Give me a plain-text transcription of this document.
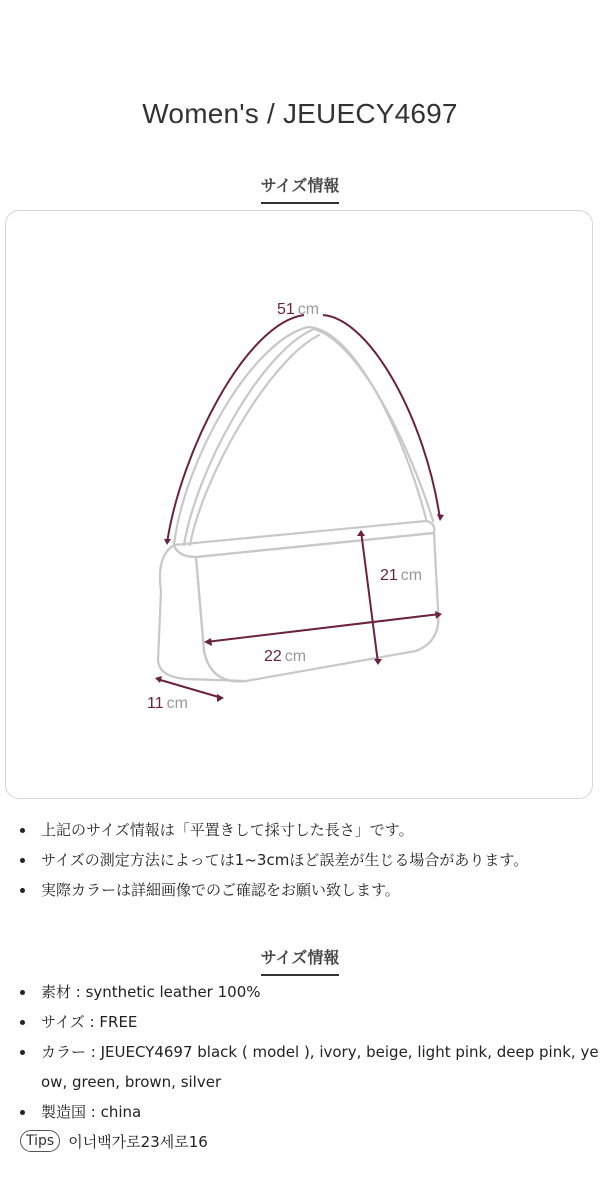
Women's / JEUECY4697
サイズ情報
51 cm
21 cm
22 cm
11 cm
上記のサイズ情報は「平置きして採寸した長さ」です。
サイズの測定方法によっては1~3cmほど誤差が生じる場合があります。
実際カラーは詳細画像でのご確認をお願い致します。
サイズ情報
素材 : synthetic leather 100%
サイズ : FREE
カラー : JEUECY4697 black ( model ), ivory, beige, light pink, deep pink, ye
ow, green, brown, silver
製造国 : china
Tips 이너백가로23세로16
